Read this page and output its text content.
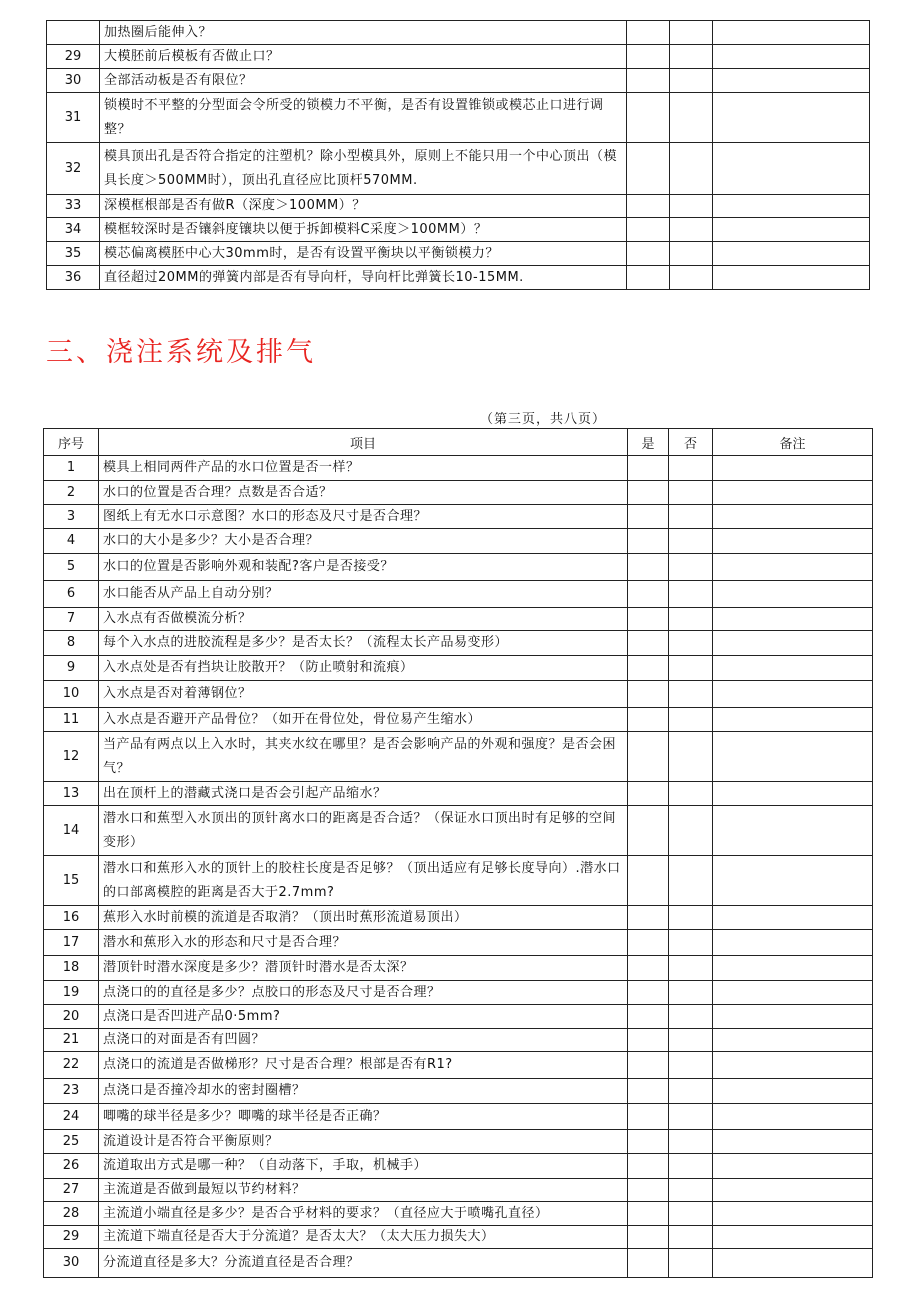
	加热圈后能伸入？			
29	大模胚前后模板有否做止口？			
30	全部活动板是否有限位？			
31	锁模时不平整的分型面会令所受的锁模力不平衡，是否有设置锥锁或模芯止口进行调整？			
32	模具顶出孔是否符合指定的注塑机？除小型模具外，原则上不能只用一个中心顶出（模具长度＞500MM时），顶出孔直径应比顶杆570MM.			
33	深模框根部是否有做R（深度＞100MM）？			
34	模框较深时是否镶斜度镶块以便于拆卸模料C采度＞100MM）？			
35	模芯偏离模胚中心大30mm时，是否有设置平衡块以平衡锁模力？			
36	直径超过20MM的弹簧内部是否有导向杆，导向杆比弹簧长10-15MM.			
三、浇注系统及排气
（第三页，共八页）
序号	项目	是	否	备注
1	模具上相同两件产品的水口位置是否一样？			
2	水口的位置是否合理？点数是否合适？			
3	图纸上有无水口示意图？水口的形态及尺寸是否合理？			
4	水口的大小是多少？大小是否合理？			
5	水口的位置是否影响外观和装配?客户是否接受？			
6	水口能否从产品上自动分别？			
7	入水点有否做模流分析？			
8	每个入水点的进胶流程是多少？是否太长？（流程太长产品易变形）			
9	入水点处是否有挡块让胶散开？（防止喷射和流痕）			
10	入水点是否对着薄钢位？			
11	入水点是否避开产品骨位？（如开在骨位处，骨位易产生缩水）			
12	当产品有两点以上入水时，其夹水纹在哪里？是否会影响产品的外观和强度？是否会困气？			
13	出在顶杆上的潜藏式浇口是否会引起产品缩水？			
14	潜水口和蕉型入水顶出的顶针离水口的距离是否合适？（保证水口顶出时有足够的空间变形）			
15	潜水口和蕉形入水的顶针上的胶柱长度是否足够？（顶出适应有足够长度导向）.潜水口的口部离模腔的距离是否大于2.7mm?			
16	蕉形入水时前模的流道是否取消？（顶出时蕉形流道易顶出）			
17	潜水和蕉形入水的形态和尺寸是否合理？			
18	潜顶针时潜水深度是多少？潜顶针时潜水是否太深？			
19	点浇口的的直径是多少？点胶口的形态及尺寸是否合理？			
20	点浇口是否凹进产品0·5mm?			
21	点浇口的对面是否有凹圆？			
22	点浇口的流道是否做梯形？尺寸是否合理？根部是否有R1?			
23	点浇口是否撞冷却水的密封圈槽？			
24	唧嘴的球半径是多少？唧嘴的球半径是否正确？			
25	流道设计是否符合平衡原则？			
26	流道取出方式是哪一种？（自动落下，手取，机械手）			
27	主流道是否做到最短以节约材料？			
28	主流道小端直径是多少？是否合乎材料的要求？（直径应大于喷嘴孔直径）			
29	主流道下端直径是否大于分流道？是否太大？（太大压力损失大）			
30	分流道直径是多大？分流道直径是否合理？			
